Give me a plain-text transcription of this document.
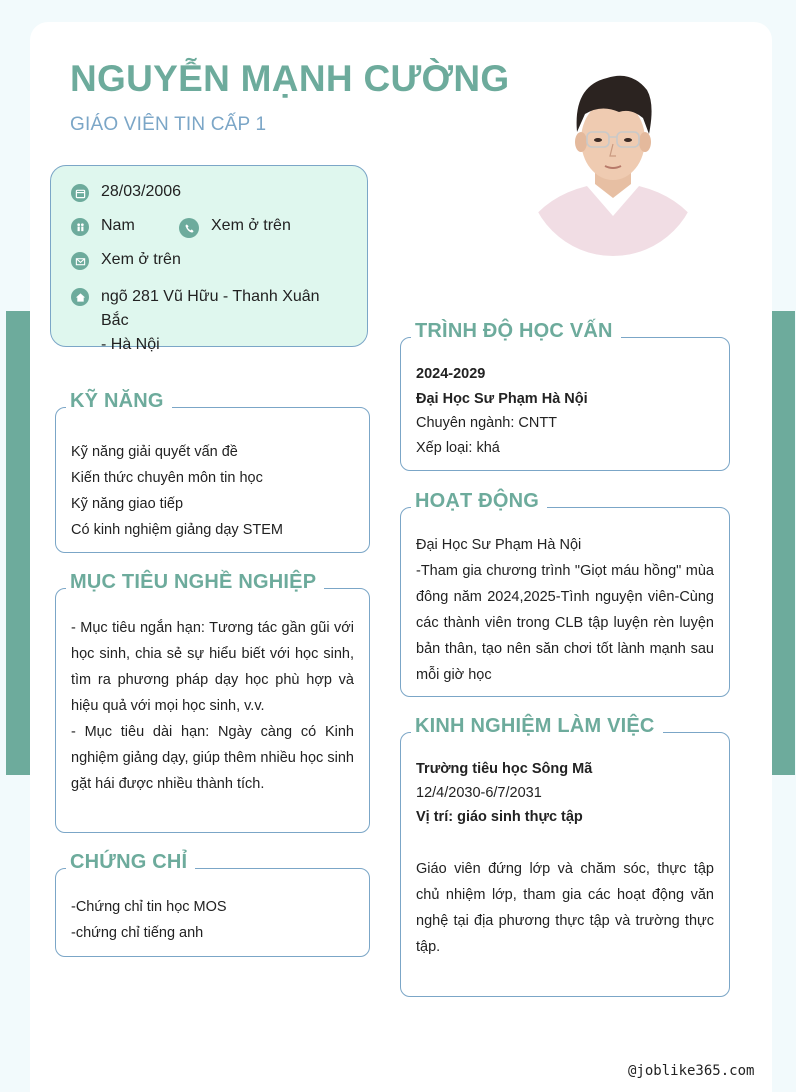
NGUYỄN MẠNH CƯỜNG
GIÁO VIÊN TIN CẤP 1
28/03/2006
Nam	Xem ở trên
Xem ở trên
ngõ 281 Vũ Hữu - Thanh Xuân Bắc
- Hà Nội
KỸ NĂNG

Kỹ năng giải quyết vấn đề

Kiến thức chuyên môn tin học

Kỹ năng giao tiếp

Có kinh nghiệm giảng dạy STEM

MỤC TIÊU NGHỀ NGHIỆP

- Mục tiêu ngắn hạn: Tương tác gần gũi với học sinh, chia sẻ sự hiểu biết với học sinh, tìm ra phương pháp dạy học phù hợp và hiệu quả với mọi học sinh, v.v.

- Mục tiêu dài hạn: Ngày càng có Kinh nghiệm giảng dạy, giúp thêm nhiều học sinh gặt hái được nhiều thành tích.

CHỨNG CHỈ

-Chứng chỉ tin học MOS

-chứng chỉ tiếng anh

TRÌNH ĐỘ HỌC VẤN

2024-2029

Đại Học Sư Phạm Hà Nội

Chuyên ngành: CNTT

Xếp loại: khá

HOẠT ĐỘNG

Đại Học Sư Phạm Hà Nội

-Tham gia chương trình "Giọt máu hồng" mùa đông năm 2024,2025-Tình nguyện viên-Cùng các thành viên trong CLB tập luyện rèn luyện bản thân, tạo nên săn chơi tốt lành mạnh sau mỗi giờ học

KINH NGHIỆM LÀM VIỆC

Trường tiêu học Sông Mã

12/4/2030-6/7/2031

Vị trí: giáo sinh thực tập

Giáo viên đứng lớp và chăm sóc, thực tập chủ nhiệm lớp, tham gia các hoạt động văn nghệ tại địa phương thực tập và trường thực tập.

@joblike365.com
